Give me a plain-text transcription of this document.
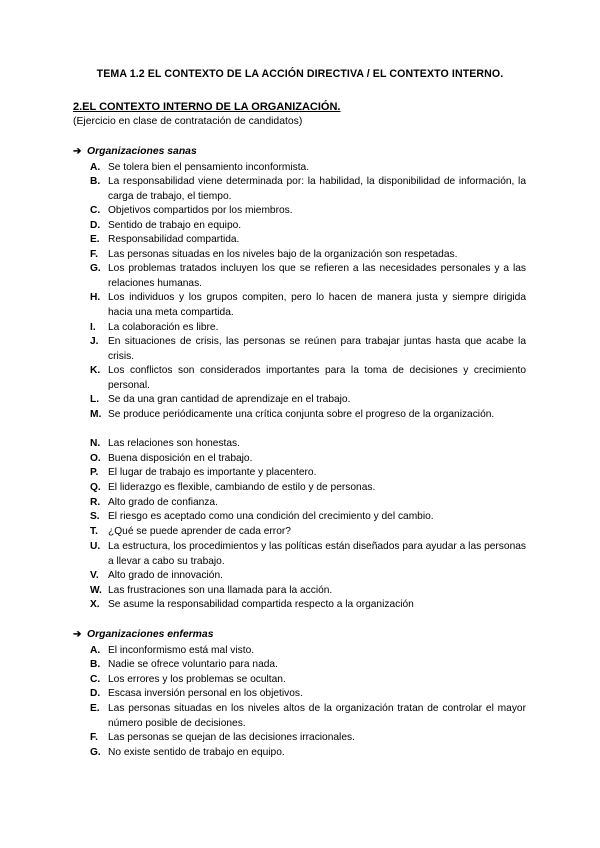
TEMA 1.2 EL CONTEXTO DE LA ACCIÓN DIRECTIVA / EL CONTEXTO INTERNO.
2.EL CONTEXTO INTERNO DE LA ORGANIZACIÓN.
(Ejercicio en clase de contratación de candidatos)
➔ Organizaciones sanas
A. Se tolera bien el pensamiento inconformista.
B. La responsabilidad viene determinada por: la habilidad, la disponibilidad de información, la carga de trabajo, el tiempo.
C. Objetivos compartidos por los miembros.
D. Sentido de trabajo en equipo.
E. Responsabilidad compartida.
F. Las personas situadas en los niveles bajo de la organización son respetadas.
G. Los problemas tratados incluyen los que se refieren a las necesidades personales y a las relaciones humanas.
H. Los individuos y los grupos compiten, pero lo hacen de manera justa y siempre dirigida hacia una meta compartida.
I.	La colaboración es libre.
J. En situaciones de crisis, las personas se reúnen para trabajar juntas hasta que acabe la crisis.
K. Los conflictos son considerados importantes para la toma de decisiones y crecimiento personal.
L. Se da una gran cantidad de aprendizaje en el trabajo.
M. Se produce periódicamente una crítica conjunta sobre el progreso de la organización.
N. Las relaciones son honestas.
O. Buena disposición en el trabajo.
P. El lugar de trabajo es importante y placentero.
Q. El liderazgo es flexible, cambiando de estilo y de personas.
R. Alto grado de confianza.
S. El riesgo es aceptado como una condición del crecimiento y del cambio.
T. ¿Qué se puede aprender de cada error?
U. La estructura, los procedimientos y las políticas están diseñados para ayudar a las personas a llevar a cabo su trabajo.
V. Alto grado de innovación.
W. Las frustraciones son una llamada para la acción.
X. Se asume la responsabilidad compartida respecto a la organización
➔ Organizaciones enfermas
A. El inconformismo está mal visto.
B. Nadie se ofrece voluntario para nada.
C. Los errores y los problemas se ocultan.
D. Escasa inversión personal en los objetivos.
E. Las personas situadas en los niveles altos de la organización tratan de controlar el mayor número posible de decisiones.
F. Las personas se quejan de las decisiones irracionales.
G. No existe sentido de trabajo en equipo.
